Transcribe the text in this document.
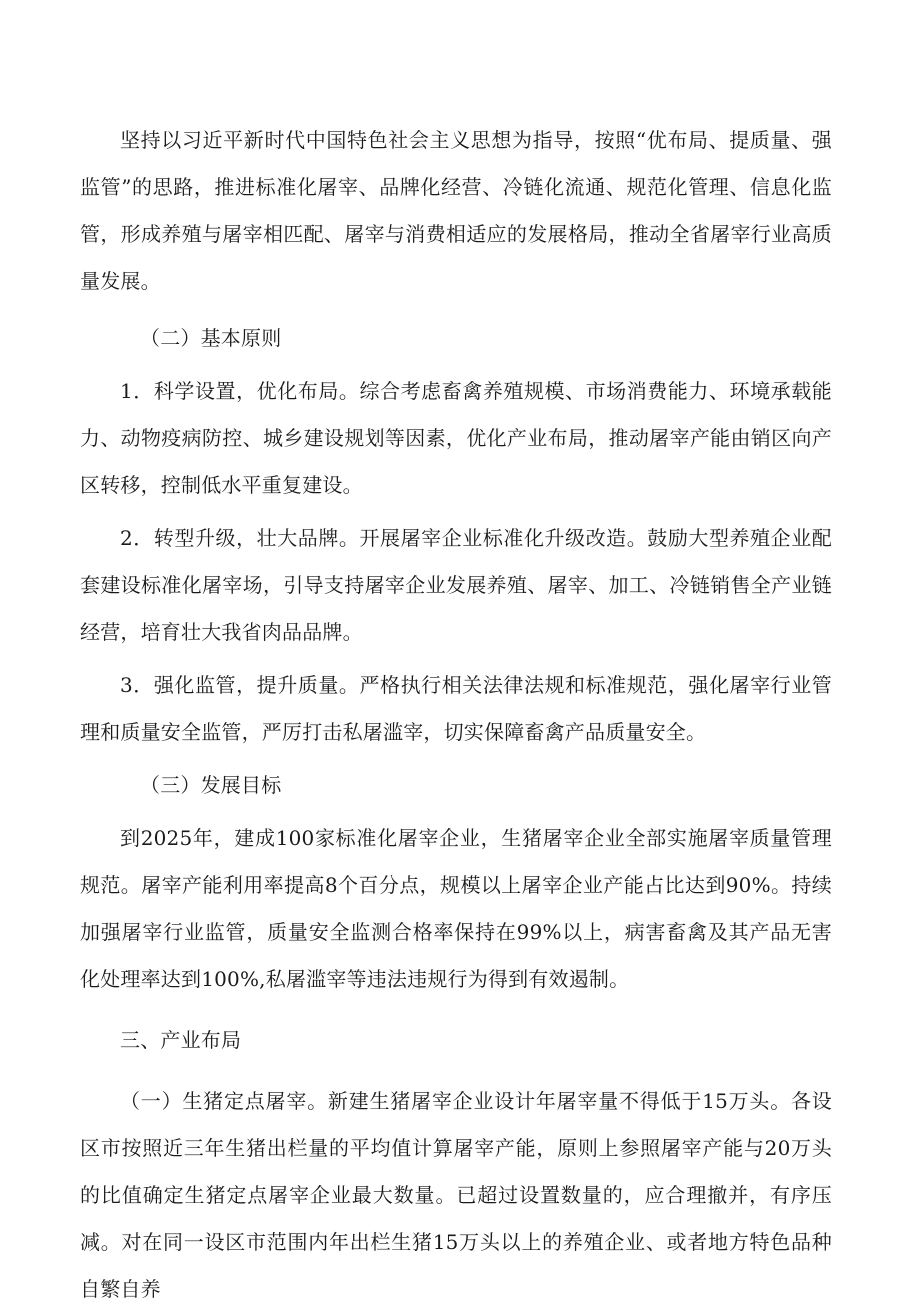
坚持以习近平新时代中国特色社会主义思想为指导，按照“优布局、提质量、强监管”的思路，推进标准化屠宰、品牌化经营、冷链化流通、规范化管理、信息化监管，形成养殖与屠宰相匹配、屠宰与消费相适应的发展格局，推动全省屠宰行业高质量发展。

（二）基本原则

1．科学设置，优化布局。综合考虑畜禽养殖规模、市场消费能力、环境承载能力、动物疫病防控、城乡建设规划等因素，优化产业布局，推动屠宰产能由销区向产区转移，控制低水平重复建设。

2．转型升级，壮大品牌。开展屠宰企业标准化升级改造。鼓励大型养殖企业配套建设标准化屠宰场，引导支持屠宰企业发展养殖、屠宰、加工、冷链销售全产业链经营，培育壮大我省肉品品牌。

3．强化监管，提升质量。严格执行相关法律法规和标准规范，强化屠宰行业管理和质量安全监管，严厉打击私屠滥宰，切实保障畜禽产品质量安全。

（三）发展目标

到2025年，建成100家标准化屠宰企业，生猪屠宰企业全部实施屠宰质量管理规范。屠宰产能利用率提高8个百分点，规模以上屠宰企业产能占比达到90%。持续加强屠宰行业监管，质量安全监测合格率保持在99%以上，病害畜禽及其产品无害化处理率达到100%,私屠滥宰等违法违规行为得到有效遏制。

三、产业布局

（一）生猪定点屠宰。新建生猪屠宰企业设计年屠宰量不得低于15万头。各设区市按照近三年生猪出栏量的平均值计算屠宰产能，原则上参照屠宰产能与20万头的比值确定生猪定点屠宰企业最大数量。已超过设置数量的，应合理撤并，有序压减。对在同一设区市范围内年出栏生猪15万头以上的养殖企业、或者地方特色品种自繁自养
